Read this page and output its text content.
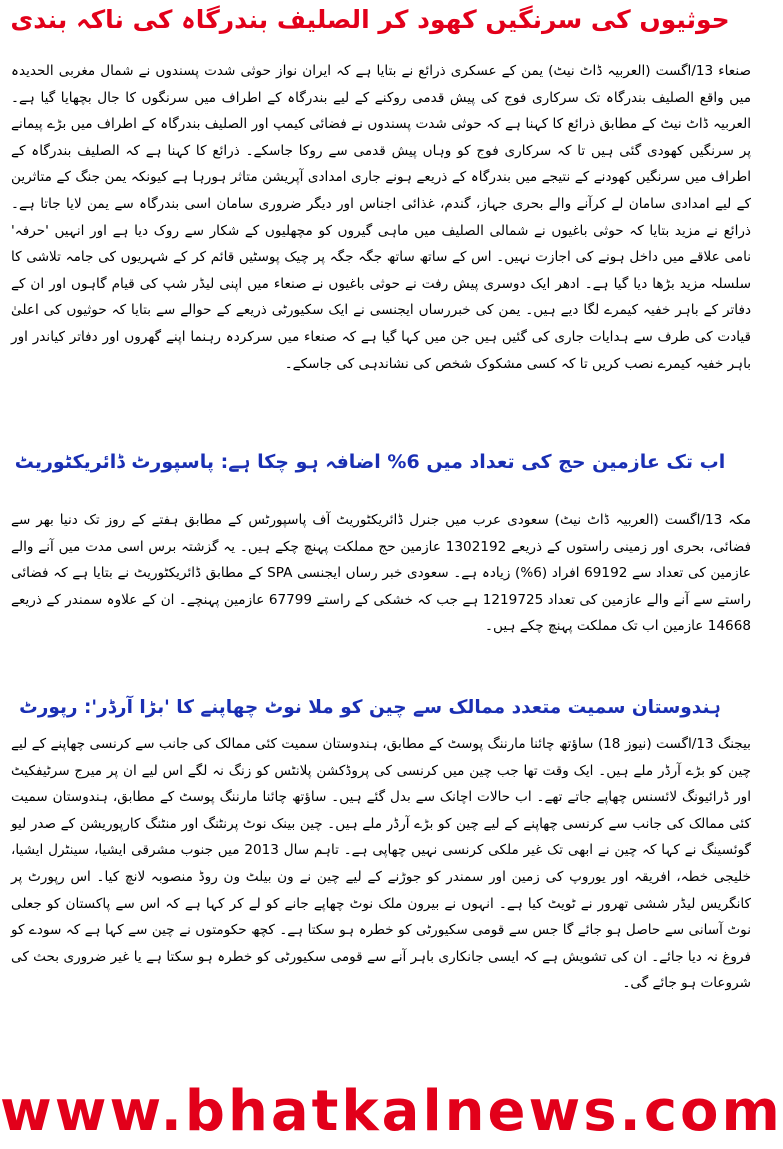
حوثیوں کی سرنگیں کھود کر الصلیف بندرگاہ کی ناکہ بندی

صنعاء 13/اگست (العربیہ ڈاٹ نیٹ) یمن کے عسکری ذرائع نے بتایا ہے کہ ایران نواز حوثی شدت پسندوں نے شمال مغربی الحدیدہ میں واقع الصلیف بندرگاہ تک سرکاری فوج کی پیش قدمی روکنے کے لیے بندرگاہ کے اطراف میں سرنگوں کا جال بچھایا گیا ہے۔العربیہ ڈاٹ نیٹ کے مطابق ذرائع کا کہنا ہے کہ حوثی شدت پسندوں نے فضائی کیمپ اور الصلیف بندرگاہ کے اطراف میں بڑے پیمانے پر سرنگیں کھودی گئی ہیں تا کہ سرکاری فوج کو وہاں پیش قدمی سے روکا جاسکے۔ ذرائع کا کہنا ہے کہ الصلیف بندرگاہ کے اطراف میں سرنگیں کھودنے کے نتیجے میں بندرگاہ کے ذریعے ہونے جاری امدادی آپریشن متاثر ہورہا ہے کیونکہ یمن جنگ کے متاثرین کے لیے امدادی سامان لے کرآنے والے بحری جہاز، گندم، غذائی اجناس اور دیگر ضروری سامان اسی بندرگاہ سے یمن لایا جاتا ہے۔ ذرائع نے مزید بتایا کہ حوثی باغیوں نے شمالی الصلیف میں ماہی گیروں کو مچھلیوں کے شکار سے روک دیا ہے اور انہیں 'حرفہ' نامی علاقے میں داخل ہونے کی اجازت نہیں۔ اس کے ساتھ ساتھ جگہ جگہ پر چیک پوسٹیں قائم کر کے شہریوں کی جامہ تلاشی کا سلسلہ مزید بڑھا دیا گیا ہے۔ ادھر ایک دوسری پیش رفت نے حوثی باغیوں نے صنعاء میں اپنی لیڈر شپ کی قیام گاہوں اور ان کے دفاتر کے باہر خفیہ کیمرے لگا دیے ہیں۔ یمن کی خبررساں ایجنسی نے ایک سکیورٹی ذریعے کے حوالے سے بتایا کہ حوثیوں کی اعلیٰ قیادت کی طرف سے ہدایات جاری کی گئیں ہیں جن میں کہا گیا ہے کہ صنعاء میں سرکردہ رہنما اپنے گھروں اور دفاتر کیاندر اور باہر خفیہ کیمرے نصب کریں تا کہ کسی مشکوک شخص کی نشاندہی کی جاسکے۔

اب تک عازمین حج کی تعداد میں 6% اضافہ ہو چکا ہے: پاسپورٹ ڈائریکٹوریٹ

مکہ 13/اگست (العربیہ ڈاٹ نیٹ) سعودی عرب میں جنرل ڈائریکٹوریٹ آف پاسپورٹس کے مطابق ہفتے کے روز تک دنیا بھر سے فضائی، بحری اور زمینی راستوں کے ذریعے 1302192 عازمین حج مملکت پہنچ چکے ہیں۔ یہ گزشتہ برس اسی مدت میں آنے والے عازمین کی تعداد سے 69192 افراد (6%) زیادہ ہے۔ سعودی خبر رساں ایجنسی SPA کے مطابق ڈائریکٹوریٹ نے بتایا ہے کہ فضائی راستے سے آنے والے عازمین کی تعداد 1219725 ہے جب کہ خشکی کے راستے 67799 عازمین پہنچے۔ ان کے علاوہ سمندر کے ذریعے 14668 عازمین اب تک مملکت پہنچ چکے ہیں۔

ہندوستان سمیت متعدد ممالک سے چین کو ملا نوٹ چھاپنے کا 'بڑا آرڈر': رپورٹ

بیجنگ 13/اگست (نیوز 18) ساؤتھ چائنا مارننگ پوسٹ کے مطابق، ہندوستان سمیت کئی ممالک کی جانب سے کرنسی چھاپنے کے لیے چین کو بڑے آرڈر ملے ہیں۔ ایک وقت تھا جب چین میں کرنسی کی پروڈکشن پلانٹس کو زنگ نہ لگے اس لیے ان پر میرج سرٹیفکیٹ اور ڈرائیونگ لائسنس چھاپے جاتے تھے۔ اب حالات اچانک سے بدل گئے ہیں۔ ساؤتھ چائنا مارننگ پوسٹ کے مطابق، ہندوستان سمیت کئی ممالک کی جانب سے کرنسی چھاپنے کے لیے چین کو بڑے آرڈر ملے ہیں۔ چین بینک نوٹ پرنٹنگ اور منٹنگ کارپوریشن کے صدر لیو گوئسینگ نے کہا کہ چین نے ابھی تک غیر ملکی کرنسی نہیں چھاپی ہے۔ تاہم سال 2013 میں جنوب مشرقی ایشیا، سینٹرل ایشیا، خلیجی خطہ، افریقہ اور یوروپ کی زمین اور سمندر کو جوڑنے کے لیے چین نے ون بیلٹ ون روڈ منصوبہ لانچ کیا۔ اس رپورٹ پر کانگریس لیڈر ششی تھرور نے ٹویٹ کیا ہے۔ انہوں نے بیرون ملک نوٹ چھاپے جانے کو لے کر کہا ہے کہ اس سے پاکستان کو جعلی نوٹ آسانی سے حاصل ہو جائے گا جس سے قومی سکیورٹی کو خطرہ ہو سکتا ہے۔ کچھ حکومتوں نے چین سے کہا ہے کہ سودے کو فروغ نہ دیا جائے۔ ان کی تشویش ہے کہ ایسی جانکاری باہر آنے سے قومی سکیورٹی کو خطرہ ہو سکتا ہے یا غیر ضروری بحث کی شروعات ہو جائے گی۔

www.bhatkalnews.com
